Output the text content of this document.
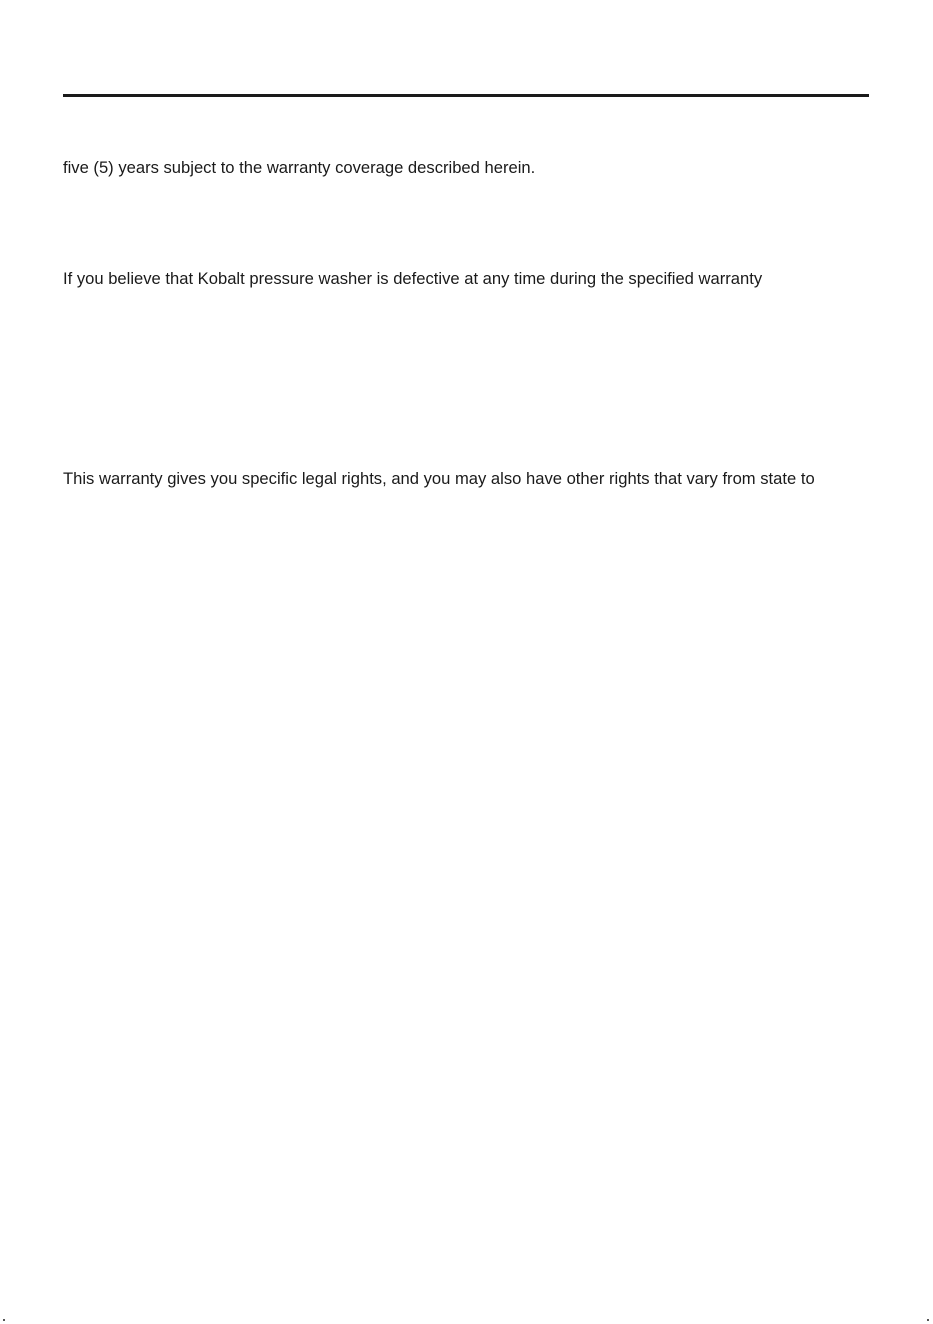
five (5) years subject to the warranty coverage described herein.

If you believe that Kobalt pressure washer is defective at any time during the specified warranty

This warranty gives you specific legal rights, and you may also have other rights that vary from state to
